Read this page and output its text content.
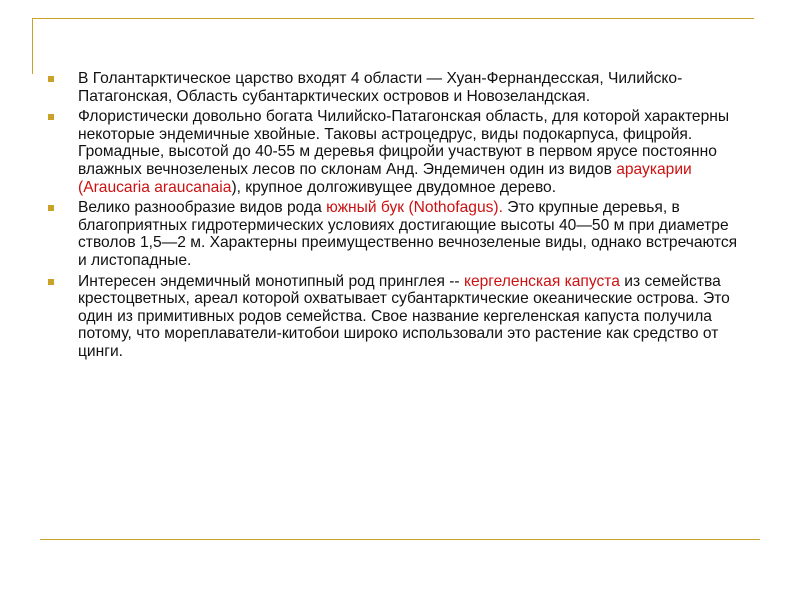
В Голантарктическое царство входят 4 области — Хуан-Фернандесская, Чилийско-Патагонская, Область субантарктических островов и Новозеландская.
Флористически довольно богата Чилийско-Патагонская область, для которой характерны некоторые эндемичные хвойные. Таковы астроцедрус, виды подокарпуса, фицройя. Громадные, высотой до 40-55 м деревья фицройи участвуют в первом ярусе постоянно влажных вечнозеленых лесов по склонам Анд. Эндемичен один из видов араукарии (Araucaria araucanaia), крупное долгоживущее двудомное дерево.
Велико разнообразие видов рода южный бук (Nothofagus). Это крупные деревья, в благоприятных гидротермических условиях достигающие высоты 40—50 м при диаметре стволов 1,5—2 м. Характерны преимущественно вечнозеленые виды, однако встречаются и листопадные.
Интересен эндемичный монотипный род принглея -- кергеленская капуста из семейства крестоцветных, ареал которой охватывает субантарктические океанические острова. Это один из примитивных родов семейства. Свое название кергеленская капуста получила потому, что мореплаватели-китобои широко использовали это растение как средство от цинги.
